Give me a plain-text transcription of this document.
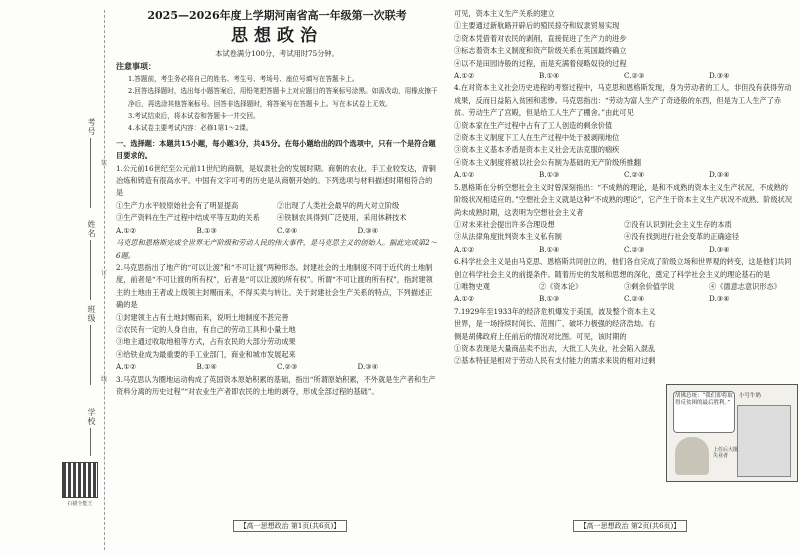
考号
姓名
班级
学校
装
订
线
扫描全能王

2025—2026年度上学期河南省高一年级第一次联考

思想政治

本试卷满分100分，考试用时75分钟。

注意事项：

1.答题前，考生务必将自己的姓名、考生号、考场号、座位号填写在答题卡上。

2.回答选择题时，选出每小题答案后，用铅笔把答题卡上对应题目的答案标号涂黑。如需改动，用橡皮擦干净后，再选涂其他答案标号。回答非选择题时，将答案写在答题卡上。写在本试卷上无效。

3.考试结束后，将本试卷和答题卡一并交回。

4.本试卷主要考试内容：必修1第1～2课。

一、选择题：本题共15小题，每小题3分，共45分。在每小题给出的四个选项中，只有一个是符合题目要求的。

1.公元前16世纪至公元前11世纪的商朝，是奴隶社会的发展时期。商朝的农业、手工业较发达，青铜冶炼和铸造有很高水平。中国有文字可考的历史是从商朝开始的。下列选项与材料描述时期相符合的是

①生产力水平较原始社会有了明显提高	②出现了人类社会最早的两大对立阶级
③生产资料在生产过程中结成平等互助的关系	④铁制农具得到广泛使用，采用休耕技术
A.①②	B.①③	C.②④	D.③④

马克思和恩格斯完成全世界无产阶级和劳动人民的伟大事件，是马克思主义的创始人。据此完成第2～6题。

2.马克思指出了地产的“可以让渡”和“不可让渡”两种形态。封建社会的土地制度不同于近代的土地制度，前者是“不可让渡的所有权”，后者是“可以让渡的所有权”。所谓“不可让渡的所有权”，指封建领主的土地由王者或上级领主封赐而来，不得买卖与转让。关于封建社会生产关系的特点，下列描述正确的是

①封建领主占有土地封赐而来，说明土地制度不甚完善

②农民有一定的人身自由，有自己的劳动工具和小量土地

③地主通过收取地租等方式，占有农民的大部分劳动成果

④给铁业成为最重要的手工业部门，商业和城市发展起来

A.①②	B.①④	C.②③	D.③④

3.马克思认为圈地运动构成了英国资本原始积累的基础，指出“所谓原始积累，不外就是生产者和生产资料分离的历史过程”“对农业生产者即农民的土地的剥夺，形成全部过程的基础”。

可见，资本主义生产关系的建立

①主要通过新航路开辟后的殖民掠夺和奴隶贸易实现

②资本凭借着对农民的剥削，直接促进了生产力的进步

③标志着资本主义制度和资产阶级关系在英国最终确立

④以不是田园诗般的过程，而是充满着侵略奴役的过程

A.①②	B.①④	C.②③	D.③④

4.在对资本主义社会历史进程的考察过程中，马克思和恩格斯发现，身为劳动者的工人，非但没有获得劳动成果，反而日益陷入贫困和悲惨。马克思指出：“劳动为富人生产了奇迹般的东西，但是为工人生产了赤贫。劳动生产了宫殿，但是给工人生产了棚舍。”由此可见

①资本家在生产过程中占有了工人创造的剩余价值

②资本主义制度下工人在生产过程中处于被剥削地位

③资本主义基本矛盾是资本主义社会无法克服的痼疾

④资本主义制度将被以社会公有制为基础的无产阶级所推翻

A.①②	B.①③	C.②④	D.③④

5.恩格斯在分析空想社会主义时曾深刻指出：“不成熟的理论，是和不成熟的资本主义生产状况、不成熟的阶级状况相适应的。”空想社会主义就是这种“不成熟的理论”，它产生于资本主义生产状况不成熟、阶级状况尚未成熟时期，这表明为空想社会主义者

①对未来社会提出许多合理设想	②没有认识到社会主义生存的本质
③从法律角度批判资本主义私有制	④没有找到进行社会变革的正确途径
A.①②	B.①④	C.②③	D.③④

6.科学社会主义是由马克思、恩格斯共同创立的，他们各自完成了阶级立场和世界观的转变，这是他们共同创立科学社会主义的前提条件。随着历史的发展和思想的深化，奠定了科学社会主义的理论基石的是

①唯物史观	②《资本论》	③剩余价值学说	④《德意志意识形态》
A.①②	B.①③	C.②④	D.③④

7.1929年至1933年的经济危机爆发于美国，波及整个资本主义世界，是一场持续时间长、范围广、破坏力极强的经济浩劫。右侧是胡佛政府上任前后的情况对比图。可见，该时期的

①资本表现是大量商品卖不出去，大批工人失业，社会陷入混乱

②基本特征是相对于劳动人民有支付能力的需求来说的相对过剩

胡佛总统：“我们即将取得反贫困的最后胜利。”
小号牛奶
上任后大批失业者
【高一思想政治 第1页(共6页)】	【高一思想政治 第2页(共6页)】
